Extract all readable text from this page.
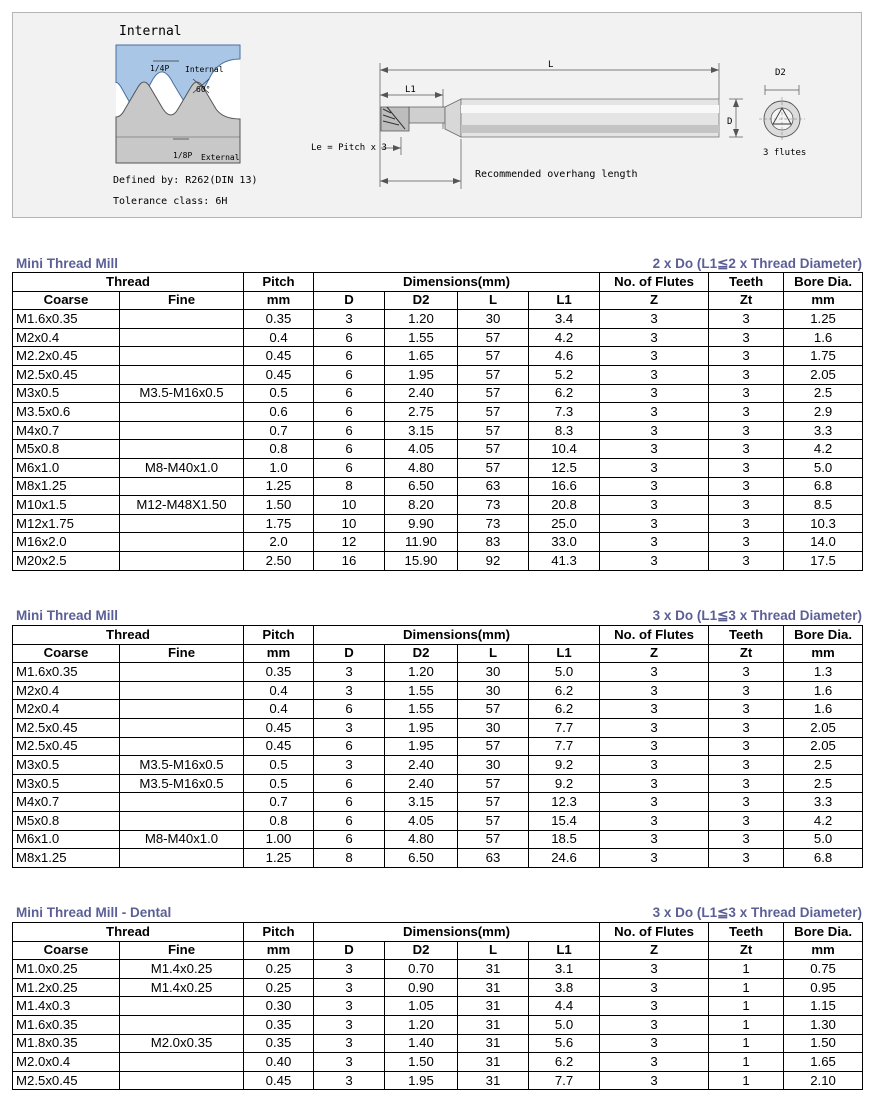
Internal
1/4P Internal
60°
1/8P External
Defined by: R262(DIN 13)
Tolerance class: 6H
L
L1
D
Le = Pitch x 3
Recommended overhang length
D2
3 flutes
Mini Thread Mill	2 x Do (L1≦2 x Thread Diameter)
Thread		Pitch	Dimensions(mm)				No. of Flutes	Teeth	Bore Dia.
Coarse	Fine	mm	D	D2	L	L1	Z	Zt	mm
M1.6x0.35		0.35	3	1.20	30	3.4	3	3	1.25
M2x0.4		0.4	6	1.55	57	4.2	3	3	1.6
M2.2x0.45		0.45	6	1.65	57	4.6	3	3	1.75
M2.5x0.45		0.45	6	1.95	57	5.2	3	3	2.05
M3x0.5	M3.5-M16x0.5	0.5	6	2.40	57	6.2	3	3	2.5
M3.5x0.6		0.6	6	2.75	57	7.3	3	3	2.9
M4x0.7		0.7	6	3.15	57	8.3	3	3	3.3
M5x0.8		0.8	6	4.05	57	10.4	3	3	4.2
M6x1.0	M8-M40x1.0	1.0	6	4.80	57	12.5	3	3	5.0
M8x1.25		1.25	8	6.50	63	16.6	3	3	6.8
M10x1.5	M12-M48X1.50	1.50	10	8.20	73	20.8	3	3	8.5
M12x1.75		1.75	10	9.90	73	25.0	3	3	10.3
M16x2.0		2.0	12	11.90	83	33.0	3	3	14.0
M20x2.5		2.50	16	15.90	92	41.3	3	3	17.5
Mini Thread Mill	3 x Do (L1≦3 x Thread Diameter)
Thread		Pitch	Dimensions(mm)				No. of Flutes	Teeth	Bore Dia.
Coarse	Fine	mm	D	D2	L	L1	Z	Zt	mm
M1.6x0.35		0.35	3	1.20	30	5.0	3	3	1.3
M2x0.4		0.4	3	1.55	30	6.2	3	3	1.6
M2x0.4		0.4	6	1.55	57	6.2	3	3	1.6
M2.5x0.45		0.45	3	1.95	30	7.7	3	3	2.05
M2.5x0.45		0.45	6	1.95	57	7.7	3	3	2.05
M3x0.5	M3.5-M16x0.5	0.5	3	2.40	30	9.2	3	3	2.5
M3x0.5	M3.5-M16x0.5	0.5	6	2.40	57	9.2	3	3	2.5
M4x0.7		0.7	6	3.15	57	12.3	3	3	3.3
M5x0.8		0.8	6	4.05	57	15.4	3	3	4.2
M6x1.0	M8-M40x1.0	1.00	6	4.80	57	18.5	3	3	5.0
M8x1.25		1.25	8	6.50	63	24.6	3	3	6.8
Mini Thread Mill - Dental	3 x Do (L1≦3 x Thread Diameter)
Thread		Pitch	Dimensions(mm)				No. of Flutes	Teeth	Bore Dia.
Coarse	Fine	mm	D	D2	L	L1	Z	Zt	mm
M1.0x0.25	M1.4x0.25	0.25	3	0.70	31	3.1	3	1	0.75
M1.2x0.25	M1.4x0.25	0.25	3	0.90	31	3.8	3	1	0.95
M1.4x0.3		0.30	3	1.05	31	4.4	3	1	1.15
M1.6x0.35		0.35	3	1.20	31	5.0	3	1	1.30
M1.8x0.35	M2.0x0.35	0.35	3	1.40	31	5.6	3	1	1.50
M2.0x0.4		0.40	3	1.50	31	6.2	3	1	1.65
M2.5x0.45		0.45	3	1.95	31	7.7	3	1	2.10
